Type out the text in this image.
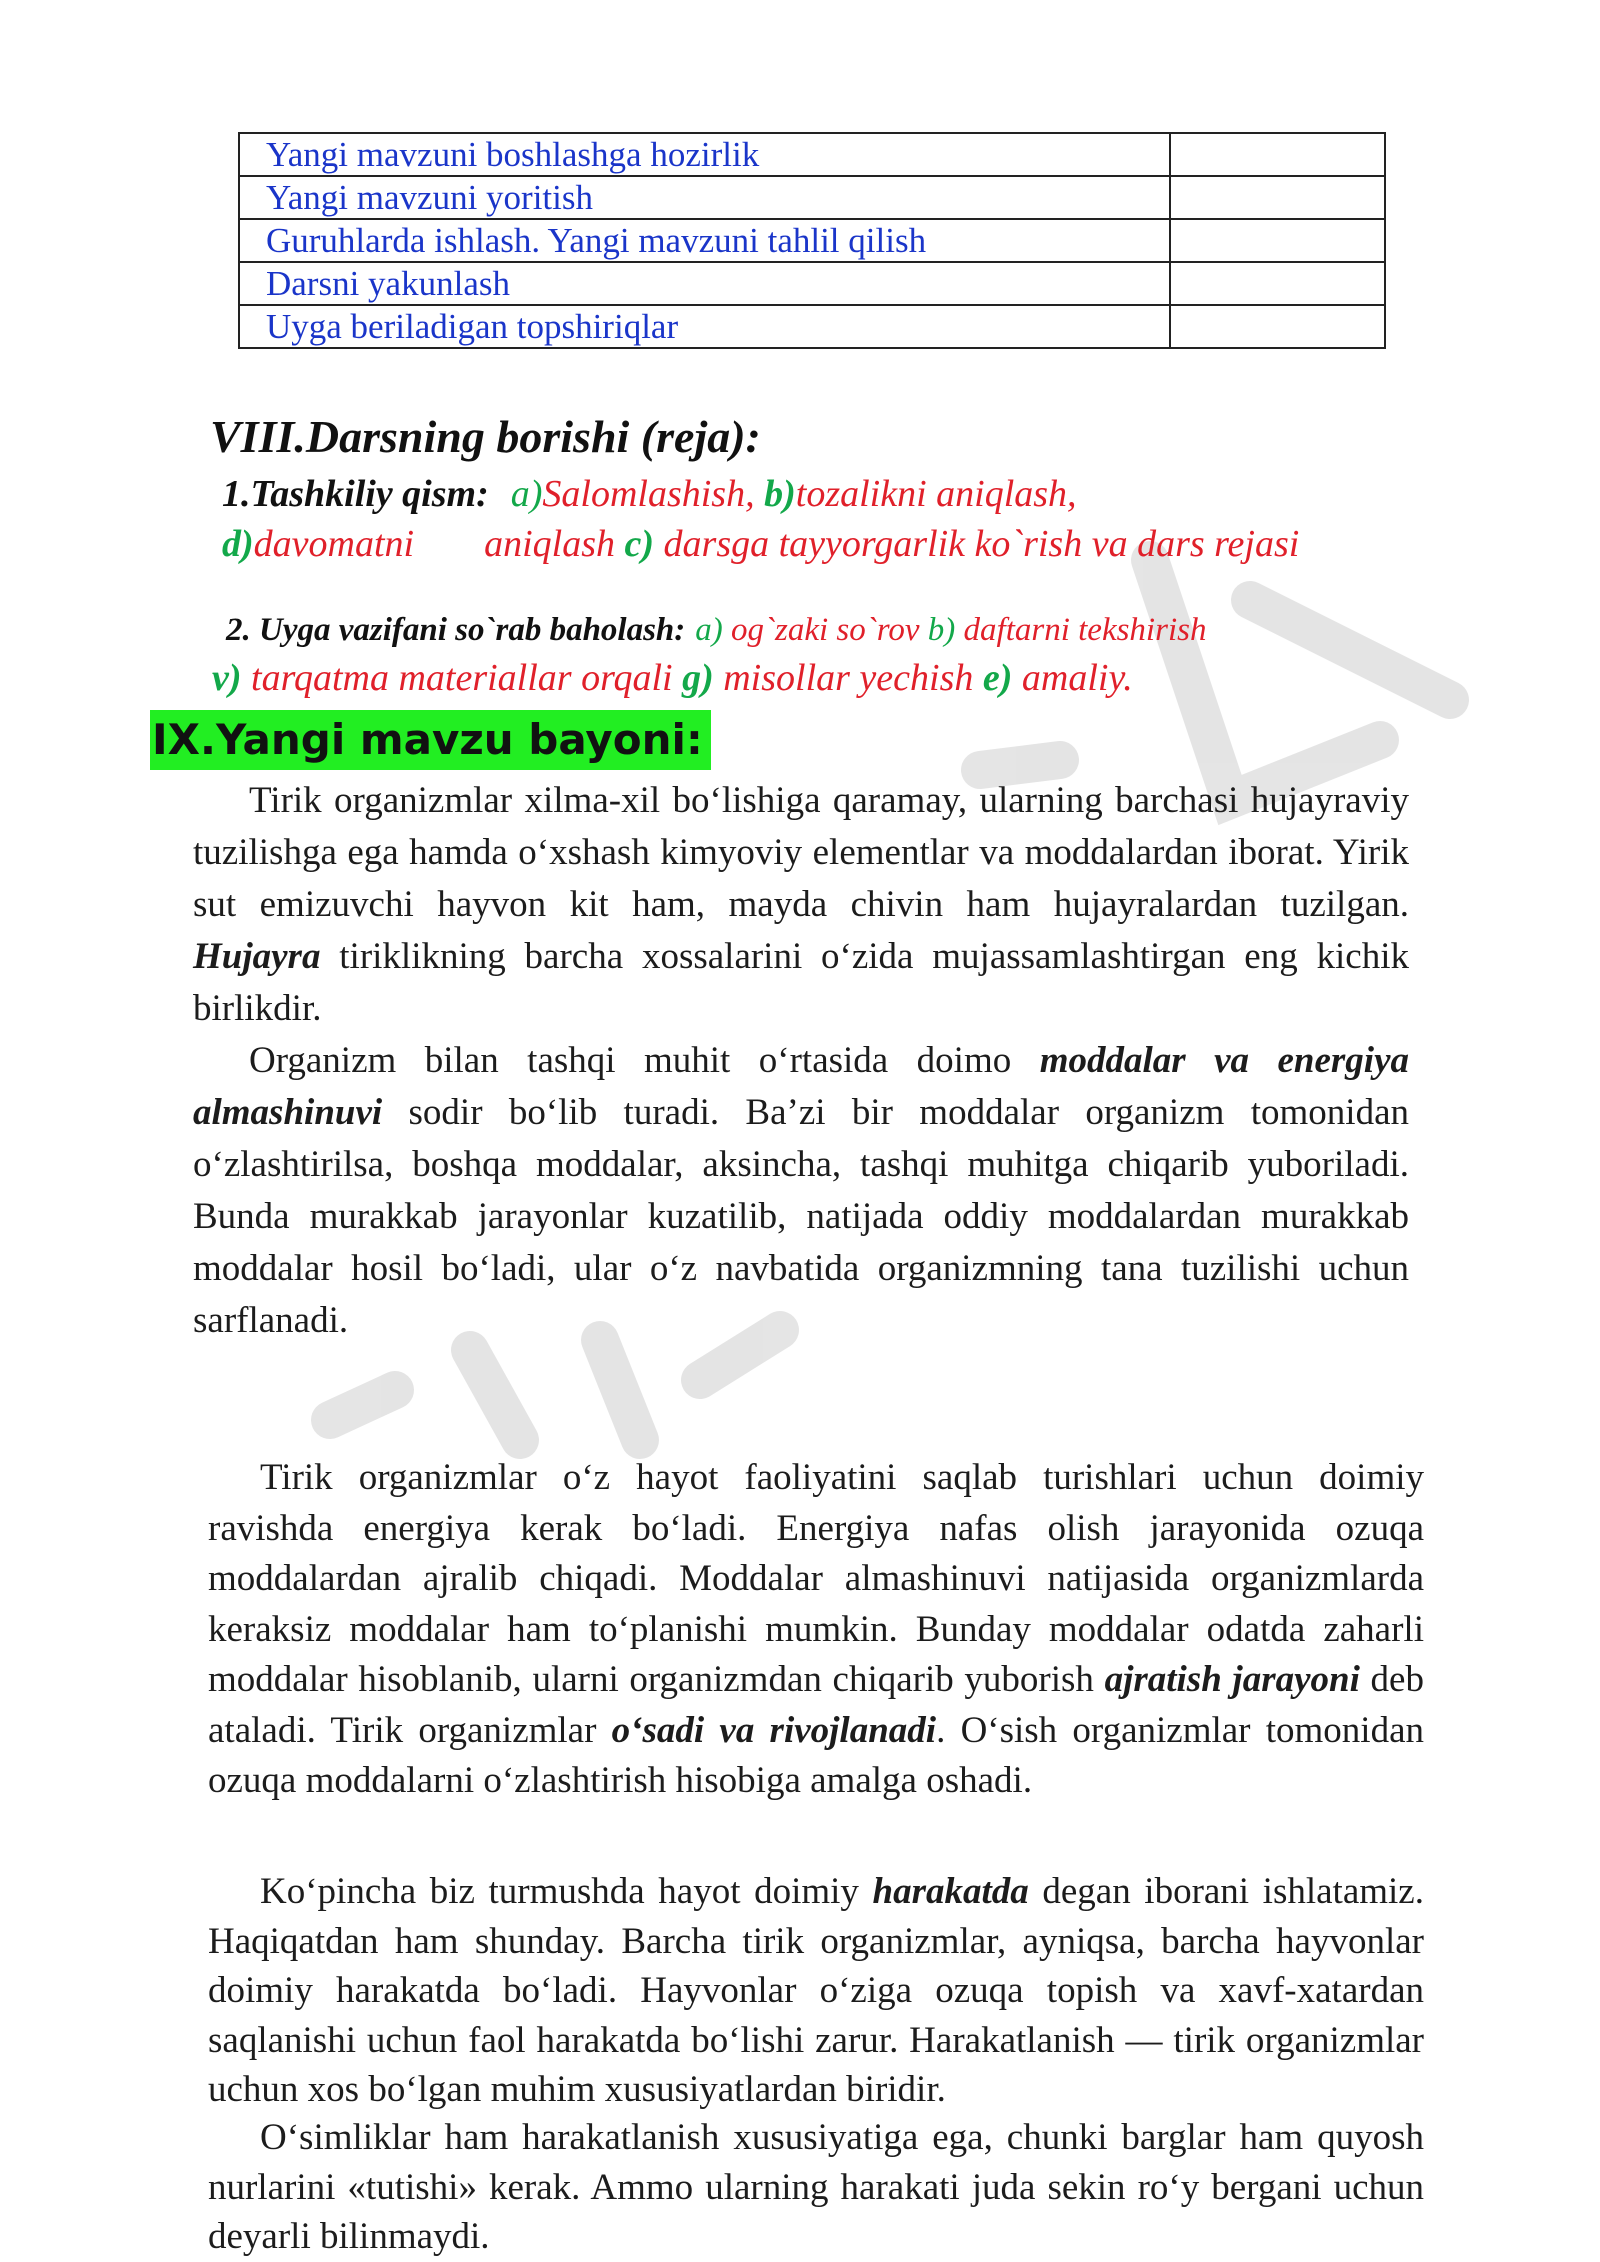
Yangi mavzuni boshlashga hozirlik	
Yangi mavzuni yoritish	
Guruhlarda ishlash. Yangi mavzuni tahlil qilish	
Darsni yakunlash	
Uyga beriladigan topshiriqlar	
VIII.Darsning borishi (reja):
1.Tashkiliy qism: a)Salomlashish, b)tozalikni aniqlash,
d)davomatni aniqlash c) darsga tayyorgarlik ko`rish va dars rejasi
2. Uyga vazifani so`rab baholash: a) og`zaki so`rov b) daftarni tekshirish
v) tarqatma materiallar orqali g) misollar yechish e) amaliy.
IX.Yangi mavzu bayoni:

Tirik organizmlar xilma-xil bo‘lishiga qaramay, ularning barchasi hujayraviy tuzilishga ega hamda o‘xshash kimyoviy elementlar va moddalardan iborat. Yirik sut emizuvchi hayvon kit ham, mayda chivin ham hujayralardan tuzilgan. Hujayra tiriklikning barcha xossalarini o‘zida mujassamlashtirgan eng kichik birlikdir.

Organizm bilan tashqi muhit o‘rtasida doimo moddalar va energiya almashinuvi sodir bo‘lib turadi. Ba’zi bir moddalar organizm tomonidan o‘zlashtirilsa, boshqa moddalar, aksincha, tashqi muhitga chiqarib yuboriladi. Bunda murakkab jarayonlar kuzatilib, natijada oddiy moddalardan murakkab moddalar hosil bo‘ladi, ular o‘z navbatida organizmning tana tuzilishi uchun sarflanadi.

Tirik organizmlar o‘z hayot faoliyatini saqlab turishlari uchun doimiy ravishda energiya kerak bo‘ladi. Energiya nafas olish jarayonida ozuqa moddalardan ajralib chiqadi. Moddalar almashinuvi natijasida organizmlarda keraksiz moddalar ham to‘planishi mumkin. Bunday moddalar odatda zaharli moddalar hisoblanib, ularni organizmdan chiqarib yuborish ajratish jarayoni deb ataladi. Tirik organizmlar o‘sadi va rivojlanadi. O‘sish organizmlar tomonidan ozuqa moddalarni o‘zlashtirish hisobiga amalga oshadi.

Ko‘pincha biz turmushda hayot doimiy harakatda degan iborani ishlatamiz. Haqiqatdan ham shunday. Barcha tirik organizmlar, ayniqsa, barcha hayvonlar doimiy harakatda bo‘ladi. Hayvonlar o‘ziga ozuqa topish va xavf-xatardan saqlanishi uchun faol harakatda bo‘lishi zarur. Harakatlanish — tirik organizmlar uchun xos bo‘lgan muhim xususiyatlardan biridir.

O‘simliklar ham harakatlanish xususiyatiga ega, chunki barglar ham quyosh nurlarini «tutishi» kerak. Ammo ularning harakati juda sekin ro‘y bergani uchun deyarli bilinmaydi.
